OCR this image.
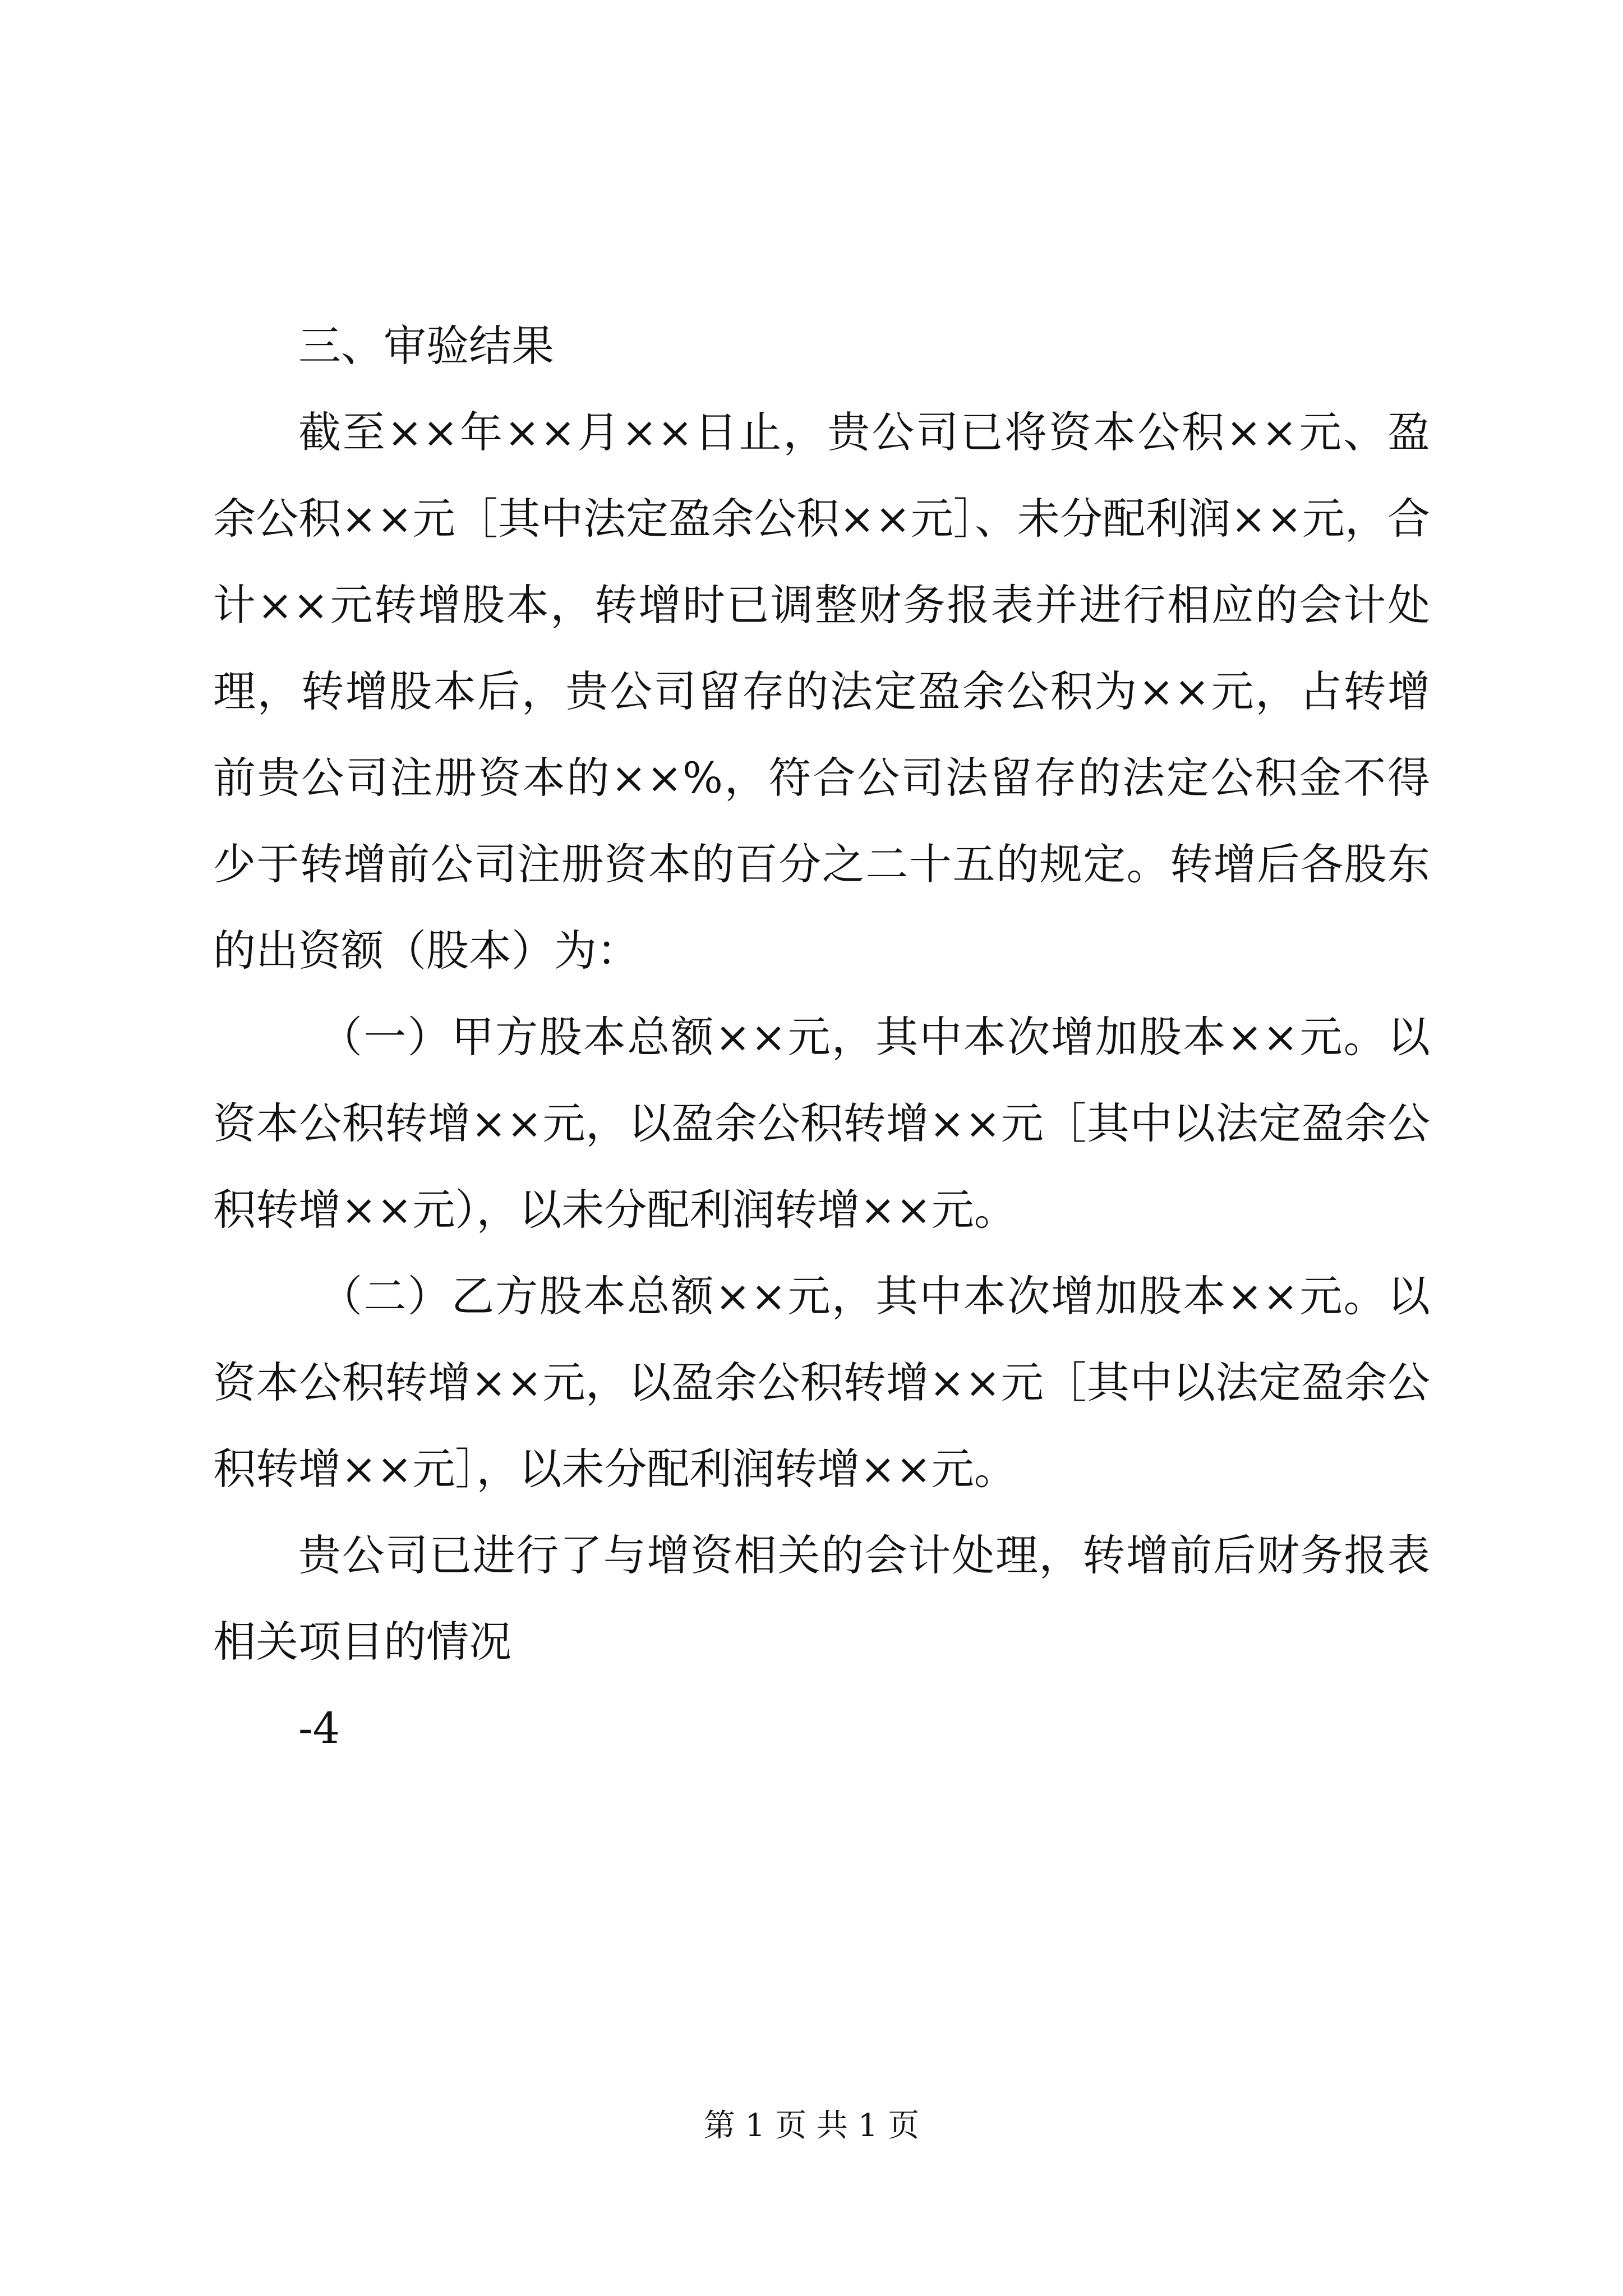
三、审验结果

截至××年××月××日止，贵公司已将资本公积××元、盈余公积××元［其中法定盈余公积××元］、未分配利润××元，合计××元转增股本，转增时已调整财务报表并进行相应的会计处理，转增股本后，贵公司留存的法定盈余公积为××元，占转增前贵公司注册资本的××%，符合公司法留存的法定公积金不得少于转增前公司注册资本的百分之二十五的规定。转增后各股东的出资额（股本）为：

（一）甲方股本总额××元，其中本次增加股本××元。以资本公积转增××元，以盈余公积转增××元［其中以法定盈余公积转增××元），以未分配利润转增××元。

（二）乙方股本总额××元，其中本次增加股本××元。以资本公积转增××元，以盈余公积转增××元［其中以法定盈余公积转增××元］，以未分配利润转增××元。

贵公司已进行了与增资相关的会计处理，转增前后财务报表相关项目的情况

-4

第 1 页 共 1 页
